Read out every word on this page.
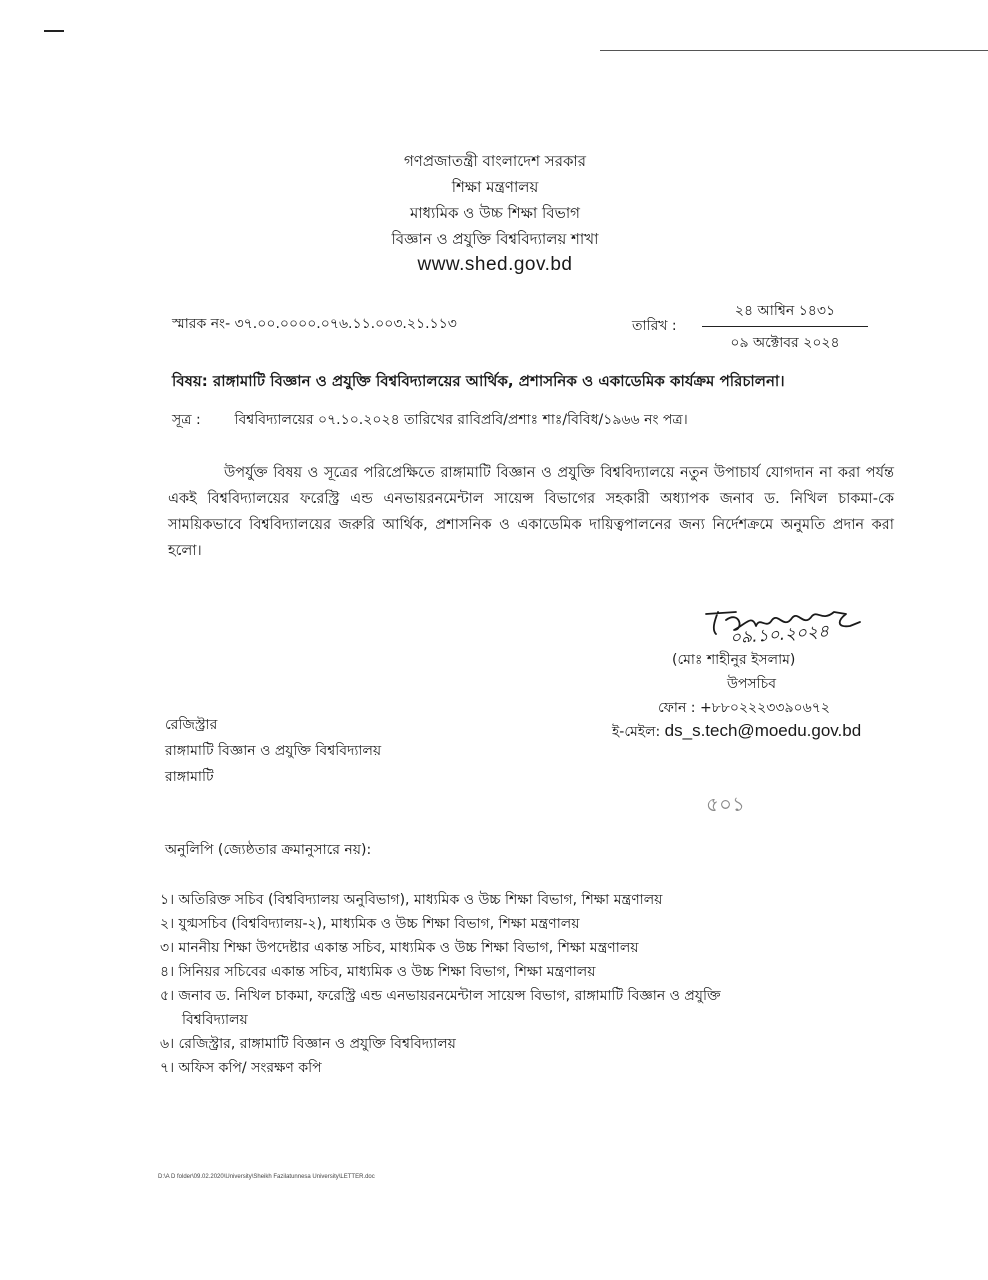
গণপ্রজাতন্ত্রী বাংলাদেশ সরকার
শিক্ষা মন্ত্রণালয়
মাধ্যমিক ও উচ্চ শিক্ষা বিভাগ
বিজ্ঞান ও প্রযুক্তি বিশ্ববিদ্যালয় শাখা
www.shed.gov.bd
স্মারক নং- ৩৭.০০.০০০০.০৭৬.১১.০০৩.২১.১১৩	তারিখ :
২৪ আশ্বিন ১৪৩১
০৯ অক্টোবর ২০২৪
বিষয়: রাঙ্গামাটি বিজ্ঞান ও প্রযুক্তি বিশ্ববিদ্যালয়ের আর্থিক, প্রশাসনিক ও একাডেমিক কার্যক্রম পরিচালনা।
সূত্র : বিশ্ববিদ্যালয়ের ০৭.১০.২০২৪ তারিখের রাবিপ্রবি/প্রশাঃ শাঃ/বিবিধ/১৯৬৬ নং পত্র।
উপর্যুক্ত বিষয় ও সূত্রের পরিপ্রেক্ষিতে রাঙ্গামাটি বিজ্ঞান ও প্রযুক্তি বিশ্ববিদ্যালয়ে নতুন উপাচার্য যোগদান না করা পর্যন্ত একই বিশ্ববিদ্যালয়ের ফরেস্ট্রি এন্ড এনভায়রনমেন্টাল সায়েন্স বিভাগের সহকারী অধ্যাপক জনাব ড. নিখিল চাকমা-কে সাময়িকভাবে বিশ্ববিদ্যালয়ের জরুরি আর্থিক, প্রশাসনিক ও একাডেমিক দায়িত্বপালনের জন্য নির্দেশক্রমে অনুমতি প্রদান করা হলো।
০৯.১০.২০২৪
(মোঃ শাহীনুর ইসলাম)
উপসচিব
ফোন : +৮৮০২২২৩৩৯০৬৭২
ই-মেইল: ds_s.tech@moedu.gov.bd
রেজিস্ট্রার
রাঙ্গামাটি বিজ্ঞান ও প্রযুক্তি বিশ্ববিদ্যালয়
রাঙ্গামাটি
৫০১
অনুলিপি (জ্যেষ্ঠতার ক্রমানুসারে নয়):
১। অতিরিক্ত সচিব (বিশ্ববিদ্যালয় অনুবিভাগ), মাধ্যমিক ও উচ্চ শিক্ষা বিভাগ, শিক্ষা মন্ত্রণালয়
২। যুগ্মসচিব (বিশ্ববিদ্যালয়-২), মাধ্যমিক ও উচ্চ শিক্ষা বিভাগ, শিক্ষা মন্ত্রণালয়
৩। মাননীয় শিক্ষা উপদেষ্টার একান্ত সচিব, মাধ্যমিক ও উচ্চ শিক্ষা বিভাগ, শিক্ষা মন্ত্রণালয়
৪। সিনিয়র সচিবের একান্ত সচিব, মাধ্যমিক ও উচ্চ শিক্ষা বিভাগ, শিক্ষা মন্ত্রণালয়
৫। জনাব ড. নিখিল চাকমা, ফরেস্ট্রি এন্ড এনভায়রনমেন্টাল সায়েন্স বিভাগ, রাঙ্গামাটি বিজ্ঞান ও প্রযুক্তি
বিশ্ববিদ্যালয়
৬। রেজিস্ট্রার, রাঙ্গামাটি বিজ্ঞান ও প্রযুক্তি বিশ্ববিদ্যালয়
৭। অফিস কপি/ সংরক্ষণ কপি
D:\A D folder\09.02.2020\University\Sheikh Fazilatunnesa University\LETTER.doc
